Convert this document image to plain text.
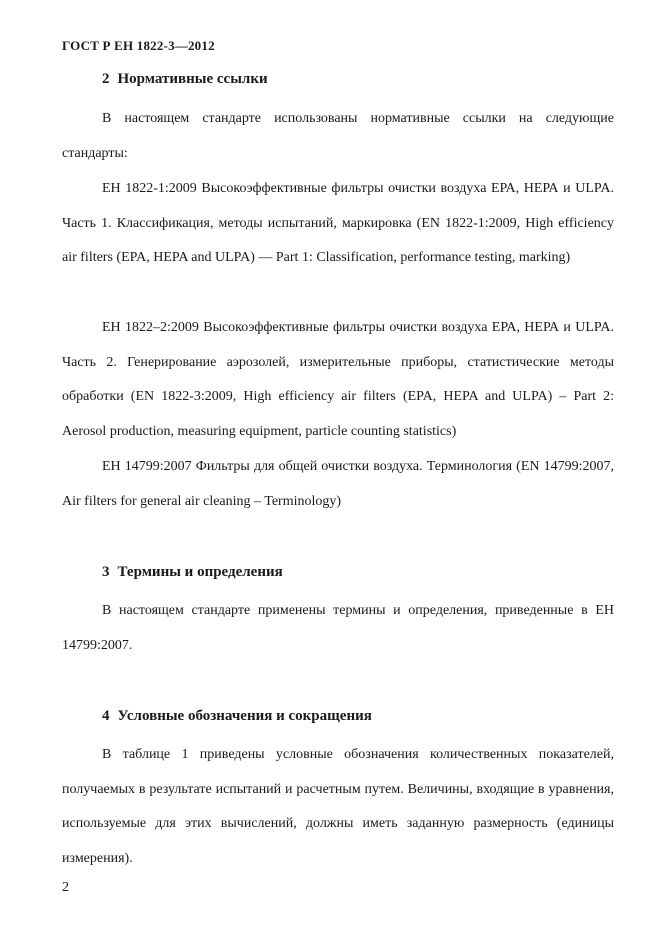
ГОСТ Р ЕН 1822-3—2012
2 Нормативные ссылки

В настоящем стандарте использованы нормативные ссылки на следующие стандарты:

ЕН 1822-1:2009 Высокоэффективные фильтры очистки воздуха ЕРА, НЕРА и ULPA. Часть 1. Классификация, методы испытаний, маркировка (EN 1822-1:2009, High efficiency air filters (EPA, HEPA and ULPA) — Part 1: Classification, performance testing, marking)

ЕН 1822–2:2009 Высокоэффективные фильтры очистки воздуха ЕРА, НЕРА и ULPA. Часть 2. Генерирование аэрозолей, измерительные приборы, статистические методы обработки (EN 1822-3:2009, High efficiency air filters (EPA, HEPA and ULPA) – Part 2: Aerosol production, measuring equipment, particle counting statistics)

ЕН 14799:2007 Фильтры для общей очистки воздуха. Терминология (EN 14799:2007, Air filters for general air cleaning – Terminology)

3 Термины и определения

В настоящем стандарте применены термины и определения, приведенные в ЕН 14799:2007.

4 Условные обозначения и сокращения

В таблице 1 приведены условные обозначения количественных показателей, получаемых в результате испытаний и расчетным путем. Величины, входящие в уравнения, используемые для этих вычислений, должны иметь заданную размерность (единицы измерения).

2
